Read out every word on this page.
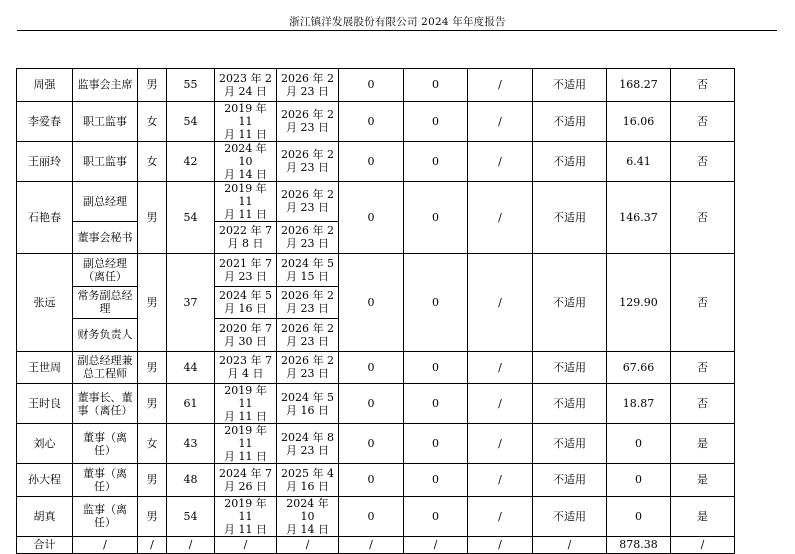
浙江镇洋发展股份有限公司 2024 年年度报告
周强	监事会主席	男	55	2023 年 2
月 24 日	2026 年 2
月 23 日	0	0	/	不适用	168.27	否
李爱春	职工监事	女	54	2019 年 11
月 11 日	2026 年 2
月 23 日	0	0	/	不适用	16.06	否
王丽玲	职工监事	女	42	2024 年 10
月 14 日	2026 年 2
月 23 日	0	0	/	不适用	6.41	否
石艳春	副总经理	男	54	2019 年 11
月 11 日	2026 年 2
月 23 日	0	0	/	不适用	146.37	否
	董事会秘书			2022 年 7
月 8 日	2026 年 2
月 23 日						
张远	副总经理
（离任）	男	37	2021 年 7
月 23 日	2024 年 5
月 15 日	0	0	/	不适用	129.90	否
	常务副总经
理			2024 年 5
月 16 日	2026 年 2
月 23 日						
	财务负责人			2020 年 7
月 30 日	2026 年 2
月 23 日						
王世周	副总经理兼
总工程师	男	44	2023 年 7
月 4 日	2026 年 2
月 23 日	0	0	/	不适用	67.66	否
王时良	董事长、董
事（离任）	男	61	2019 年 11
月 11 日	2024 年 5
月 16 日	0	0	/	不适用	18.87	否
刘心	董事（离
任）	女	43	2019 年 11
月 11 日	2024 年 8
月 23 日	0	0	/	不适用	0	是
孙大程	董事（离
任）	男	48	2024 年 7
月 26 日	2025 年 4
月 16 日	0	0	/	不适用	0	是
胡真	监事（离
任）	男	54	2019 年 11
月 11 日	2024 年 10
月 14 日	0	0	/	不适用	0	是
合计	/	/	/	/	/	/	/	/	/	878.38	/
